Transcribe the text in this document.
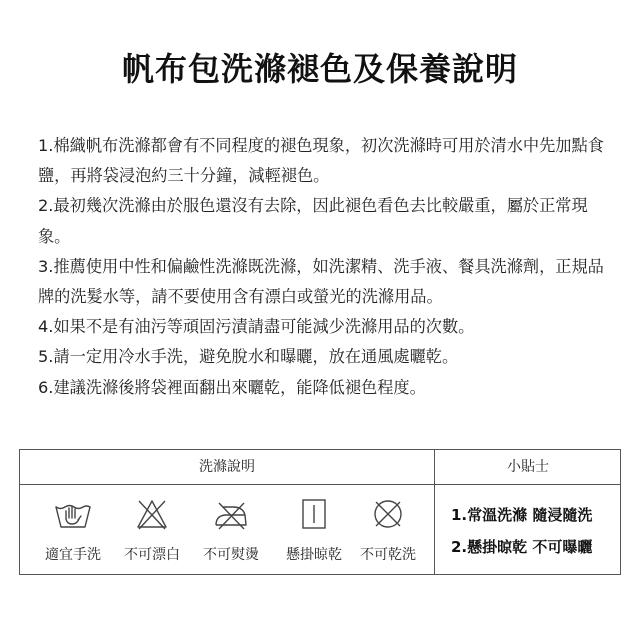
帆布包洗滌褪色及保養說明

1.棉織帆布洗滌都會有不同程度的褪色現象，初次洗滌時可用於清水中先加點食鹽，再將袋浸泡約三十分鐘，減輕褪色。

2.最初幾次洗滌由於服色還沒有去除，因此褪色看色去比較嚴重，屬於正常現象。

3.推薦使用中性和偏鹼性洗滌既洗滌，如洗潔精、洗手液、餐具洗滌劑，正規品牌的洗髮水等，請不要使用含有漂白或螢光的洗滌用品。

4.如果不是有油污等頑固污漬請盡可能減少洗滌用品的次數。

5.請一定用冷水手洗，避免脫水和曝曬，放在通風處曬乾。

6.建議洗滌後將袋裡面翻出來曬乾，能降低褪色程度。

洗滌說明	小貼士
適宜手洗	不可漂白	不可熨燙	懸掛晾乾	不可乾洗
1.常溫洗滌 隨浸隨洗
2.懸掛晾乾 不可曝曬
